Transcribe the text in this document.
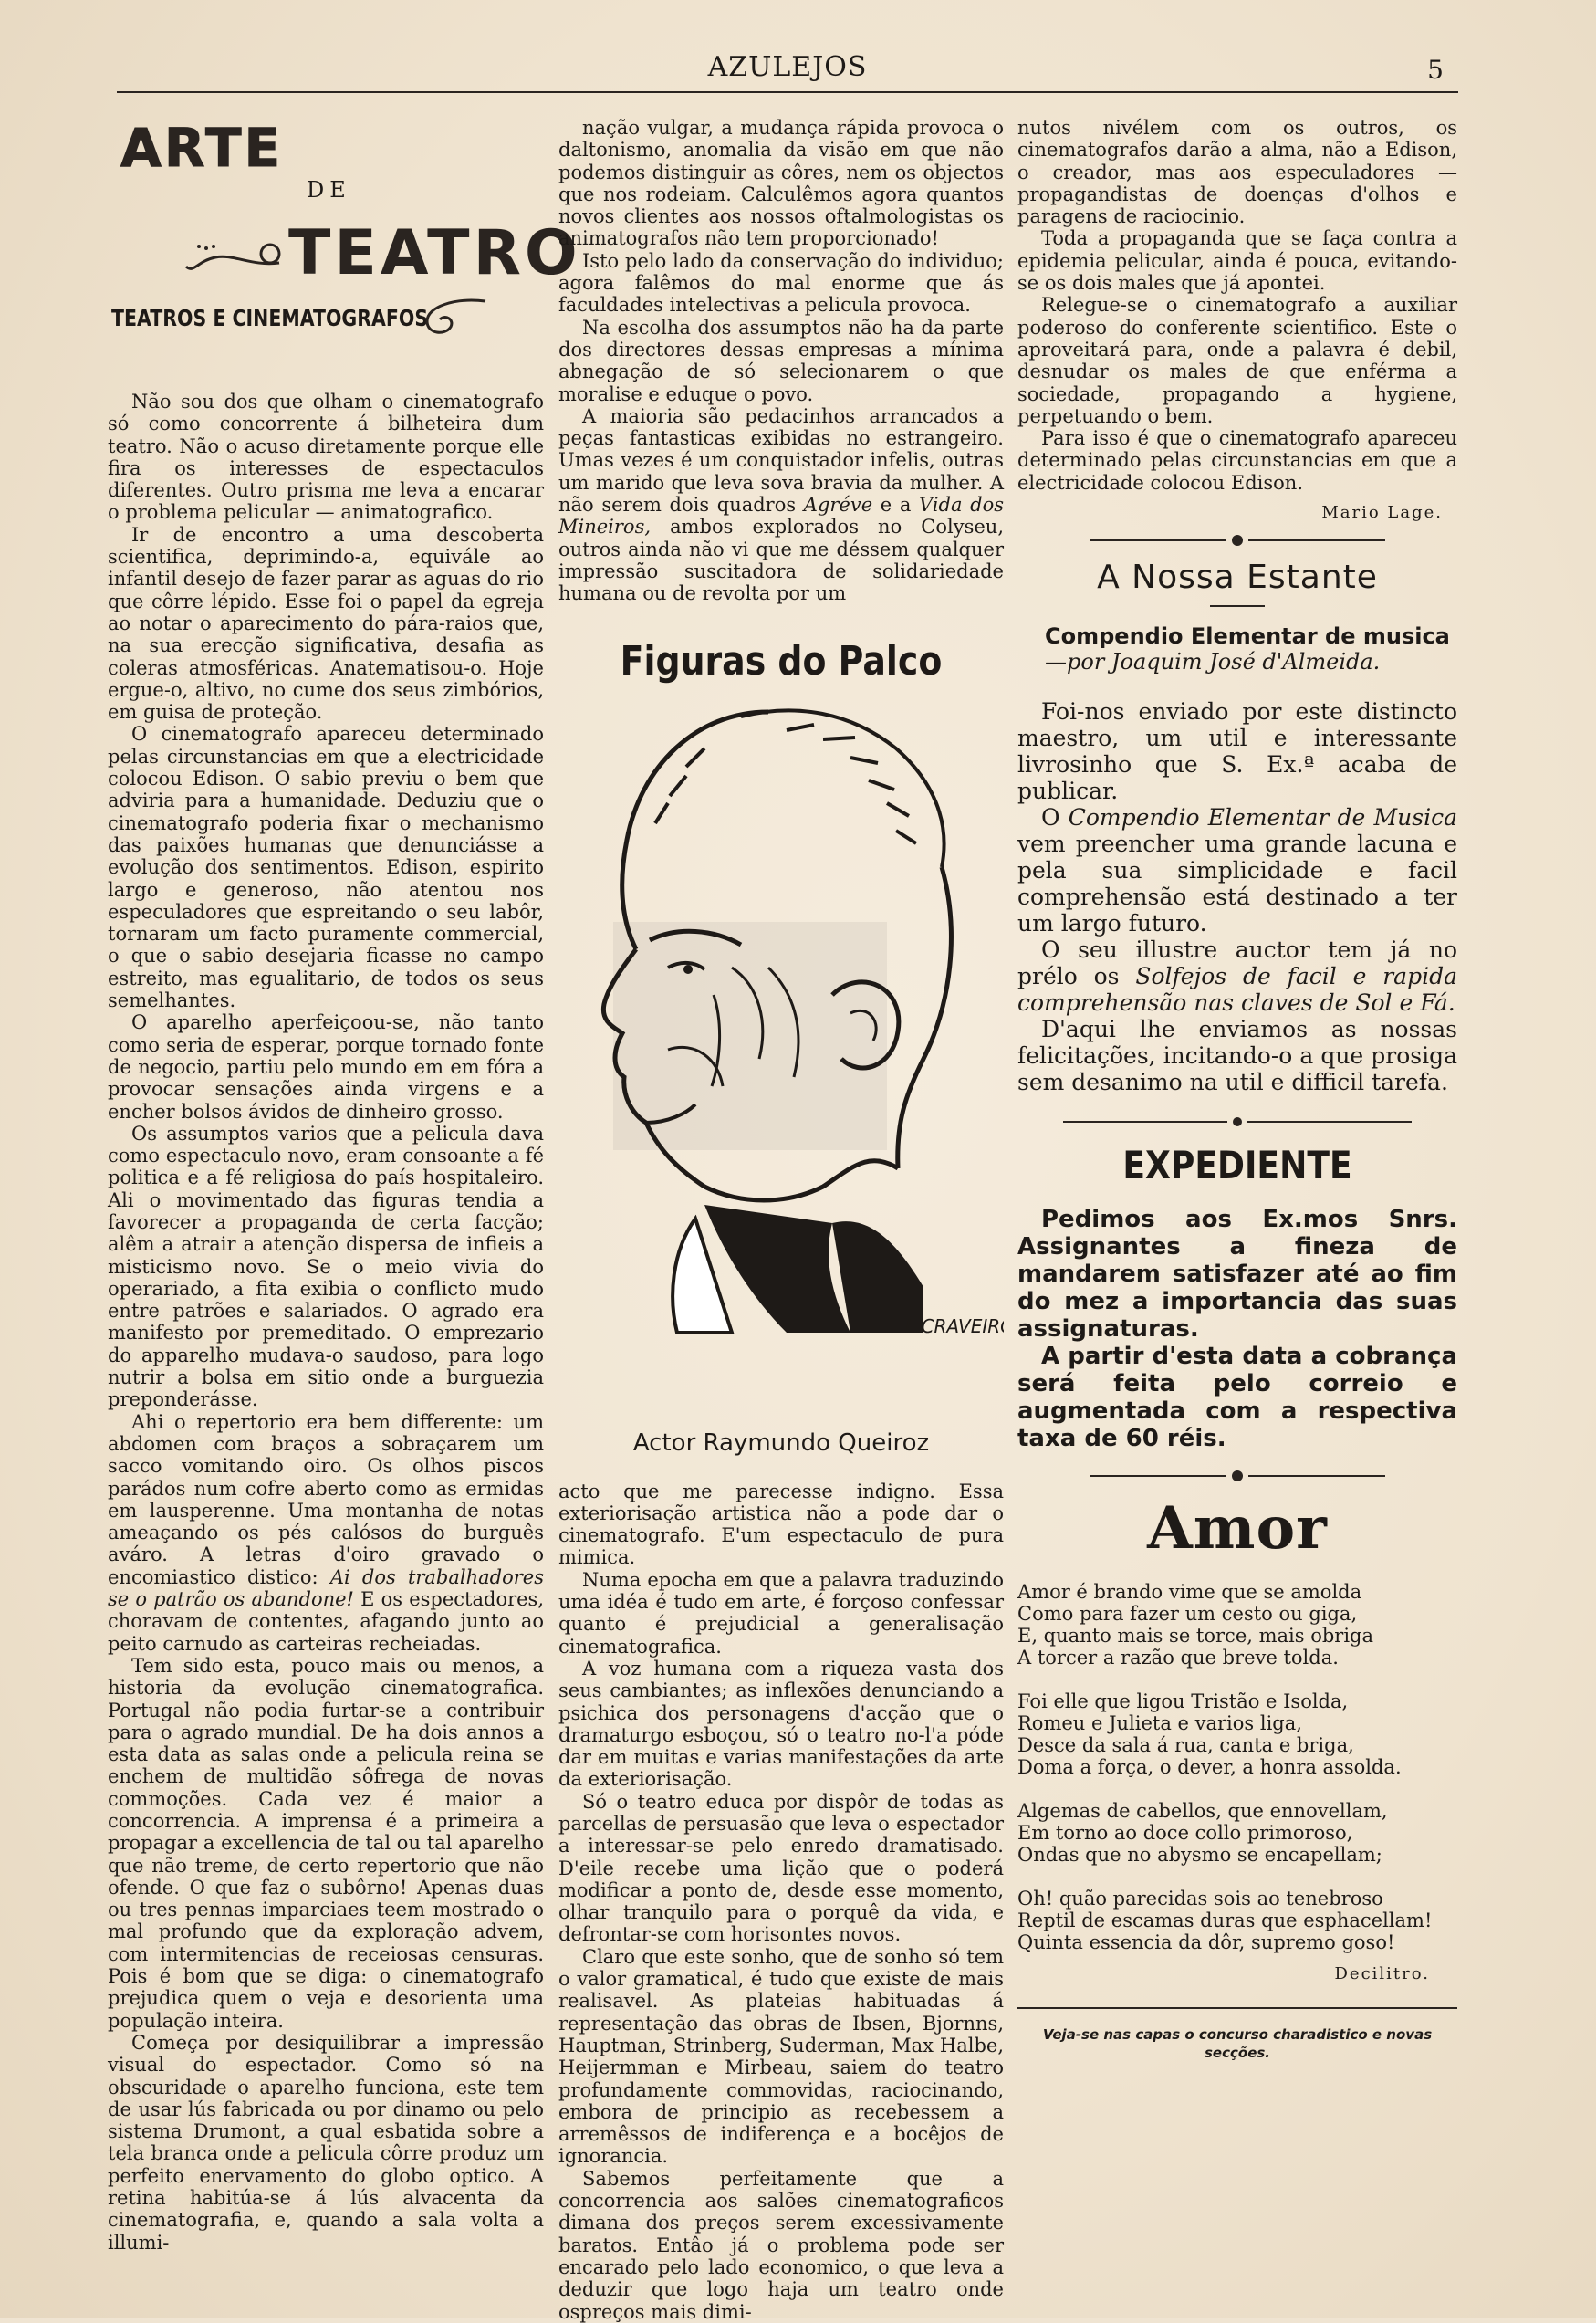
AZULEJOS	5
ARTE
DE
TEATRO
TEATROS E CINEMATOGRAFOS

Não sou dos que olham o cinematografo só como concorrente á bilheteira dum teatro. Não o acuso diretamente porque elle fira os interesses de espectaculos diferentes. Outro prisma me leva a encarar o problema pelicular — animatografico.

Ir de encontro a uma descoberta scientifica, deprimindo-a, equivále ao infantil desejo de fazer parar as aguas do rio que côrre lépido. Esse foi o papel da egreja ao notar o aparecimento do pára-raios que, na sua erecção significativa, desafia as coleras atmosféricas. Anatematisou-o. Hoje ergue-o, altivo, no cume dos seus zimbórios, em guisa de proteção.

O cinematografo apareceu determinado pelas circunstancias em que a electricidade colocou Edison. O sabio previu o bem que adviria para a humanidade. Deduziu que o cinematografo poderia fixar o mechanismo das paixões humanas que denunciásse a evolução dos sentimentos. Edison, espirito largo e generoso, não atentou nos especuladores que espreitando o seu labôr, tornaram um facto puramente commercial, o que o sabio desejaria ficasse no campo estreito, mas egualitario, de todos os seus semelhantes.

O aparelho aperfeiçoou-se, não tanto como seria de esperar, porque tornado fonte de negocio, partiu pelo mundo em em fóra a provocar sensações ainda virgens e a encher bolsos ávidos de dinheiro grosso.

Os assumptos varios que a pelicula dava como espectaculo novo, eram consoante a fé politica e a fé religiosa do país hospitaleiro. Ali o movimentado das figuras tendia a favorecer a propaganda de certa facção; alêm a atrair a atenção dispersa de infieis a misticismo novo. Se o meio vivia do operariado, a fita exibia o conflicto mudo entre patrões e salariados. O agrado era manifesto por premeditado. O emprezario do apparelho mudava-o saudoso, para logo nutrir a bolsa em sitio onde a burguezia preponderásse.

Ahi o repertorio era bem differente: um abdomen com braços a sobraçarem um sacco vomitando oiro. Os olhos piscos parádos num cofre aberto como as ermidas em lausperenne. Uma montanha de notas ameaçando os pés calósos do burguês aváro. A letras d'oiro gravado o encomiastico distico: Ai dos trabalhadores se o patrão os abandone! E os espectadores, choravam de contentes, afagando junto ao peito carnudo as carteiras recheiadas.

Tem sido esta, pouco mais ou menos, a historia da evolução cinematografica. Portugal não podia furtar-se a contribuir para o agrado mundial. De ha dois annos a esta data as salas onde a pelicula reina se enchem de multidão sôfrega de novas commoções. Cada vez é maior a concorrencia. A imprensa é a primeira a propagar a excellencia de tal ou tal aparelho que não treme, de certo repertorio que não ofende. O que faz o subôrno! Apenas duas ou tres pennas imparciaes teem mostrado o mal profundo que da exploração advem, com intermitencias de receiosas censuras. Pois é bom que se diga: o cinematografo prejudica quem o veja e desorienta uma população inteira.

Começa por desiquilibrar a impressão visual do espectador. Como só na obscuridade o aparelho funciona, este tem de usar lús fabricada ou por dinamo ou pelo sistema Drumont, a qual esbatida sobre a tela branca onde a pelicula côrre produz um perfeito enervamento do globo optico. A retina habitúa-se á lús alvacenta da cinematografia, e, quando a sala volta a illumi-

nação vulgar, a mudança rápida provoca o daltonismo, anomalia da visão em que não podemos distinguir as côres, nem os objectos que nos rodeiam. Calculêmos agora quantos novos clientes aos nossos oftalmologistas os animatografos não tem proporcionado!

Isto pelo lado da conservação do individuo; agora falêmos do mal enorme que ás faculdades intelectivas a pelicula provoca.

Na escolha dos assumptos não ha da parte dos directores dessas empresas a mínima abnegação de só selecionarem o que moralise e eduque o povo.

A maioria são pedacinhos arrancados a peças fantasticas exibidas no estrangeiro. Umas vezes é um conquistador infelis, outras um marido que leva sova bravia da mulher. A não serem dois quadros Agréve e a Vida dos Mineiros, ambos explorados no Colyseu, outros ainda não vi que me déssem qualquer impressão suscitadora de solidariedade humana ou de revolta por um

Figuras do Palco
L.CRAVEIRO
Actor Raymundo Queiroz

acto que me parecesse indigno. Essa exteriorisação artistica não a pode dar o cinematografo. E'um espectaculo de pura mimica.

Numa epocha em que a palavra traduzindo uma idéa é tudo em arte, é forçoso confessar quanto é prejudicial a generalisação cinematografica.

A voz humana com a riqueza vasta dos seus cambiantes; as inflexões denunciando a psichica dos personagens d'acção que o dramaturgo esboçou, só o teatro no-l'a póde dar em muitas e varias manifestações da arte da exteriorisação.

Só o teatro educa por dispôr de todas as parcellas de persuasão que leva o espectador a interessar-se pelo enredo dramatisado. D'eile recebe uma lição que o poderá modificar a ponto de, desde esse momento, olhar tranquilo para o porquê da vida, e defrontar-se com horisontes novos.

Claro que este sonho, que de sonho só tem o valor gramatical, é tudo que existe de mais realisavel. As plateias habituadas á representação das obras de Ibsen, Bjornns, Hauptman, Strinberg, Suderman, Max Halbe, Heijermman e Mirbeau, saiem do teatro profundamente commovidas, raciocinando, embora de principio as recebessem a arremêssos de indiferença e a bocêjos de ignorancia.

Sabemos perfeitamente que a concorrencia aos salões cinematograficos dimana dos preços serem excessivamente baratos. Entâo já o problema pode ser encarado pelo lado economico, o que leva a deduzir que logo haja um teatro onde ospreços mais dimi-

nutos nivélem com os outros, os cinematografos darão a alma, não a Edison, o creador, mas aos especuladores — propagandistas de doenças d'olhos e paragens de raciocinio.

Toda a propaganda que se faça contra a epidemia pelicular, ainda é pouca, evitando-se os dois males que já apontei.

Relegue-se o cinematografo a auxiliar poderoso do conferente scientifico. Este o aproveitará para, onde a palavra é debil, desnudar os males de que enférma a sociedade, propagando a hygiene, perpetuando o bem.

Para isso é que o cinematografo apareceu determinado pelas circunstancias em que a electricidade colocou Edison.

Mario Lage.
A Nossa Estante
Compendio Elementar de musica —por Joaquim José d'Almeida.

Foi-nos enviado por este distincto maestro, um util e interessante livrosinho que S. Ex.ª acaba de publicar.

O Compendio Elementar de Musica vem preencher uma grande lacuna e pela sua simplicidade e facil comprehensão está destinado a ter um largo futuro.

O seu illustre auctor tem já no prélo os Solfejos de facil e rapida comprehensão nas claves de Sol e Fá.

D'aqui lhe enviamos as nossas felicitações, incitando-o a que prosiga sem desanimo na util e difficil tarefa.

EXPEDIENTE

Pedimos aos Ex.mos Snrs. Assignantes a fineza de mandarem satisfazer até ao fim do mez a importancia das suas assignaturas.

A partir d'esta data a cobrança será feita pelo correio e augmentada com a respectiva taxa de 60 réis.

Amor
Amor é brando vime que se amolda
Como para fazer um cesto ou giga,
E, quanto mais se torce, mais obriga
A torcer a razão que breve tolda.
Foi elle que ligou Tristão e Isolda,
Romeu e Julieta e varios liga,
Desce da sala á rua, canta e briga,
Doma a força, o dever, a honra assolda.
Algemas de cabellos, que ennovellam,
Em torno ao doce collo primoroso,
Ondas que no abysmo se encapellam;
Oh! quão parecidas sois ao tenebroso
Reptil de escamas duras que esphacellam!
Quinta essencia da dôr, supremo goso!
Decilitro.
Veja-se nas capas o concurso charadistico e novas secções.
